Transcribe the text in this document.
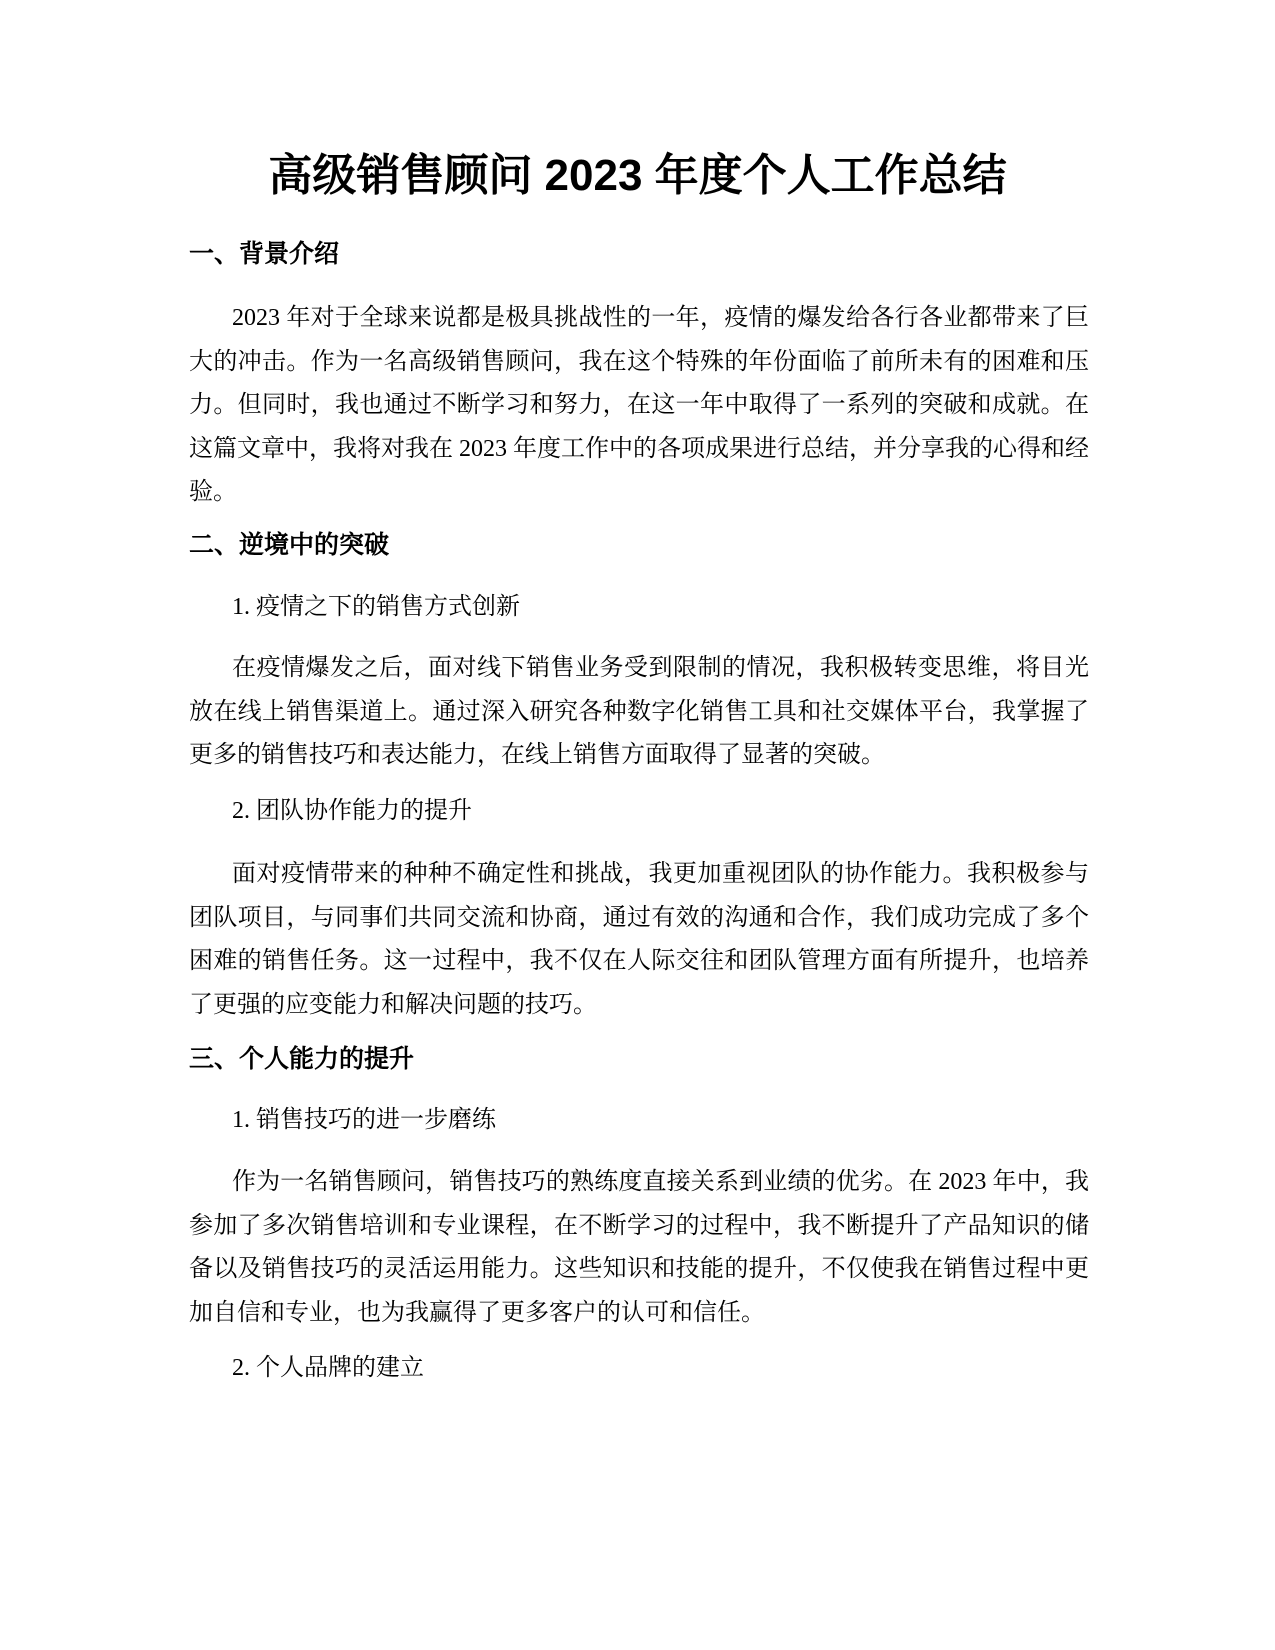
高级销售顾问 2023 年度个人工作总结
一、背景介绍

2023 年对于全球来说都是极具挑战性的一年，疫情的爆发给各行各业都带来了巨大的冲击。作为一名高级销售顾问，我在这个特殊的年份面临了前所未有的困难和压力。但同时，我也通过不断学习和努力，在这一年中取得了一系列的突破和成就。在这篇文章中，我将对我在 2023 年度工作中的各项成果进行总结，并分享我的心得和经验。

二、逆境中的突破
1. 疫情之下的销售方式创新

在疫情爆发之后，面对线下销售业务受到限制的情况，我积极转变思维，将目光放在线上销售渠道上。通过深入研究各种数字化销售工具和社交媒体平台，我掌握了更多的销售技巧和表达能力，在线上销售方面取得了显著的突破。

2. 团队协作能力的提升

面对疫情带来的种种不确定性和挑战，我更加重视团队的协作能力。我积极参与团队项目，与同事们共同交流和协商，通过有效的沟通和合作，我们成功完成了多个困难的销售任务。这一过程中，我不仅在人际交往和团队管理方面有所提升，也培养了更强的应变能力和解决问题的技巧。

三、个人能力的提升
1. 销售技巧的进一步磨练

作为一名销售顾问，销售技巧的熟练度直接关系到业绩的优劣。在 2023 年中，我参加了多次销售培训和专业课程，在不断学习的过程中，我不断提升了产品知识的储备以及销售技巧的灵活运用能力。这些知识和技能的提升，不仅使我在销售过程中更加自信和专业，也为我赢得了更多客户的认可和信任。

2. 个人品牌的建立
